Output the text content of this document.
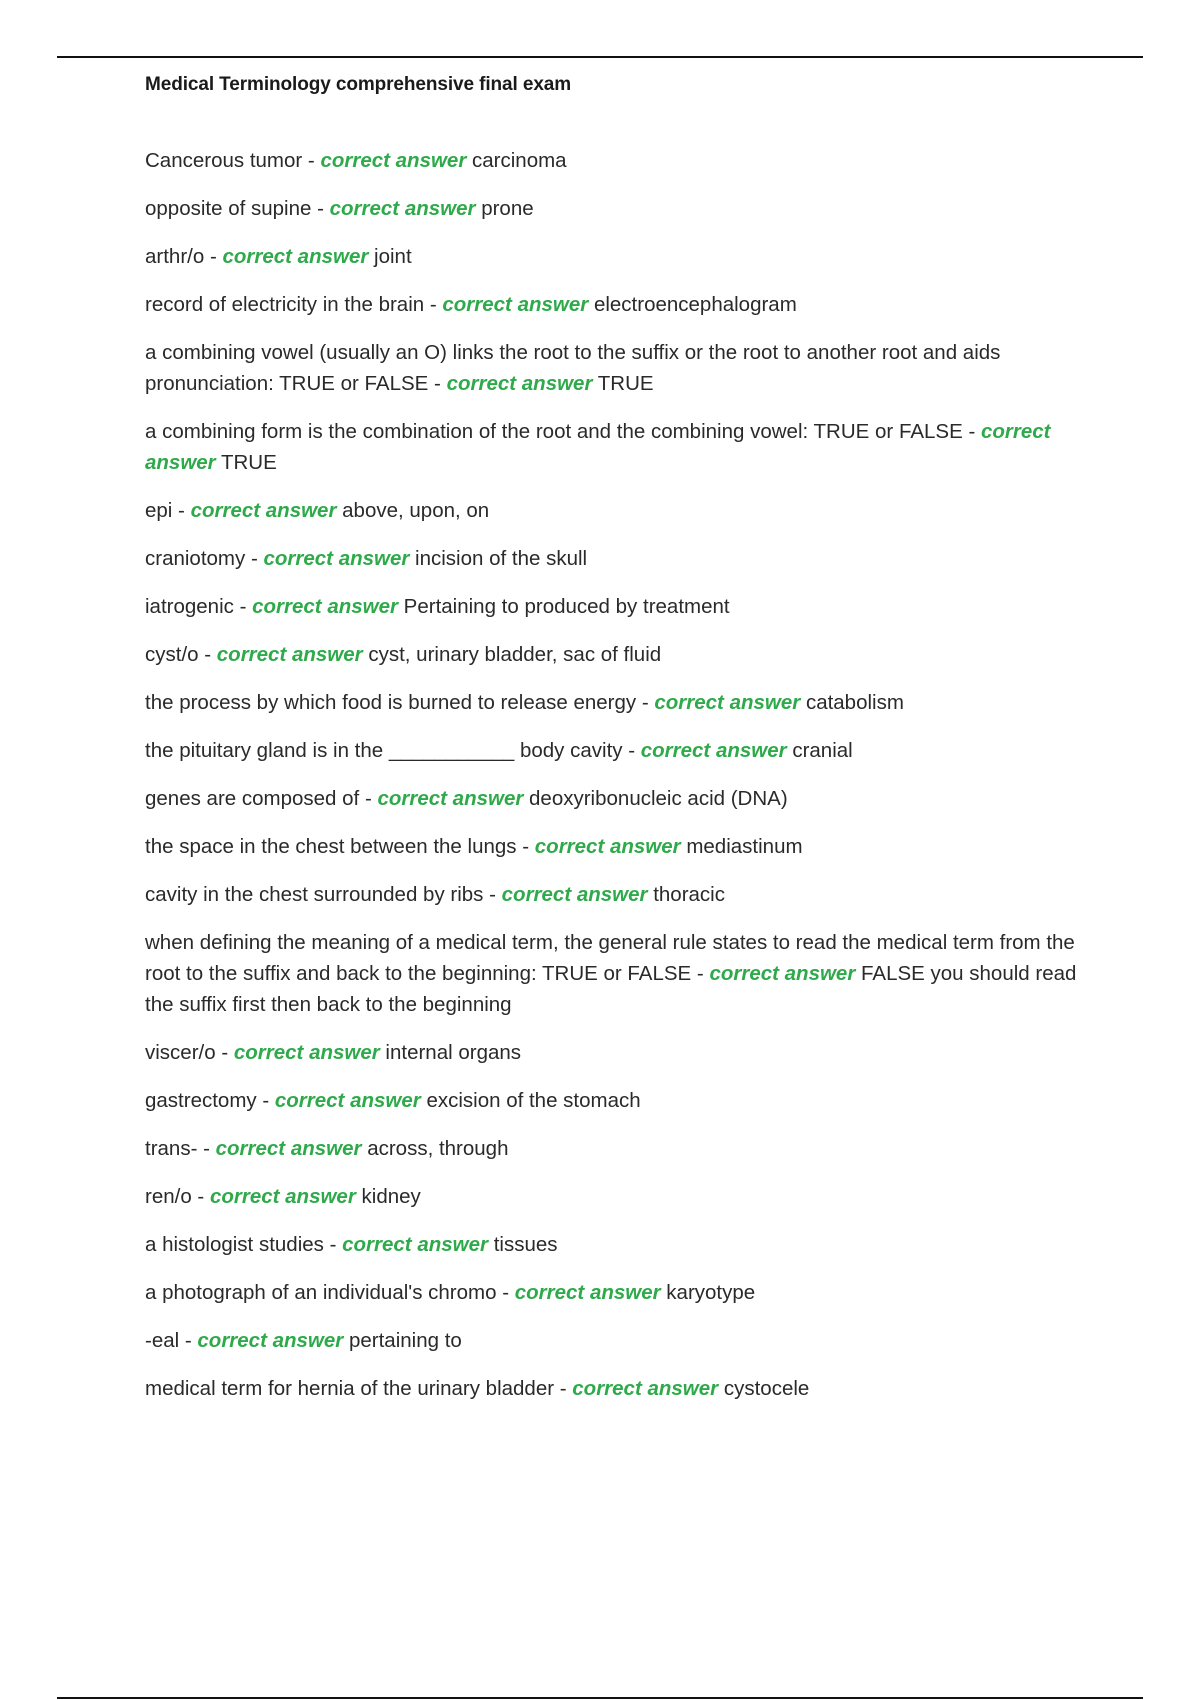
Medical Terminology comprehensive final exam
Cancerous tumor - correct answer carcinoma
opposite of supine - correct answer prone
arthr/o - correct answer joint
record of electricity in the brain - correct answer electroencephalogram
a combining vowel (usually an O) links the root to the suffix or the root to another root and aids pronunciation: TRUE or FALSE - correct answer TRUE
a combining form is the combination of the root and the combining vowel: TRUE or FALSE - correct answer TRUE
epi - correct answer above, upon, on
craniotomy - correct answer incision of the skull
iatrogenic - correct answer Pertaining to produced by treatment
cyst/o - correct answer cyst, urinary bladder, sac of fluid
the process by which food is burned to release energy - correct answer catabolism
the pituitary gland is in the ___________ body cavity - correct answer cranial
genes are composed of - correct answer deoxyribonucleic acid (DNA)
the space in the chest between the lungs - correct answer mediastinum
cavity in the chest surrounded by ribs - correct answer thoracic
when defining the meaning of a medical term, the general rule states to read the medical term from the root to the suffix and back to the beginning: TRUE or FALSE - correct answer FALSE you should read the suffix first then back to the beginning
viscer/o - correct answer internal organs
gastrectomy - correct answer excision of the stomach
trans- - correct answer across, through
ren/o - correct answer kidney
a histologist studies - correct answer tissues
a photograph of an individual's chromo - correct answer karyotype
-eal - correct answer pertaining to
medical term for hernia of the urinary bladder - correct answer cystocele
